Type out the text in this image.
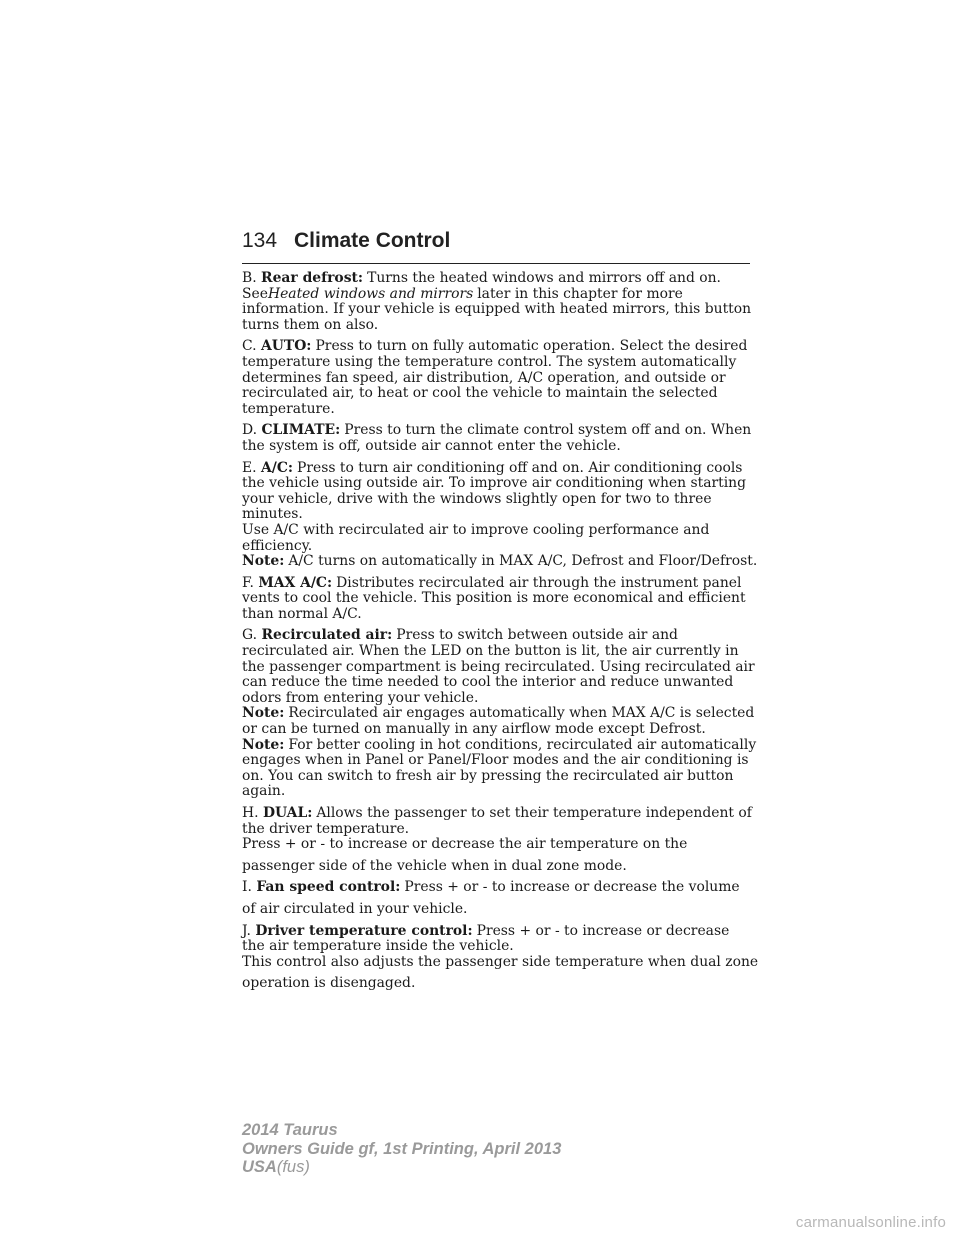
134 Climate Control
B. Rear defrost: Turns the heated windows and mirrors off and on.
SeeHeated windows and mirrors later in this chapter for more
information. If your vehicle is equipped with heated mirrors, this button
turns them on also.
C. AUTO: Press to turn on fully automatic operation. Select the desired
temperature using the temperature control. The system automatically
determines fan speed, air distribution, A/C operation, and outside or
recirculated air, to heat or cool the vehicle to maintain the selected
temperature.
D. CLIMATE: Press to turn the climate control system off and on. When
the system is off, outside air cannot enter the vehicle.
E. A/C: Press to turn air conditioning off and on. Air conditioning cools
the vehicle using outside air. To improve air conditioning when starting
your vehicle, drive with the windows slightly open for two to three
minutes.
Use A/C with recirculated air to improve cooling performance and
efficiency.
Note: A/C turns on automatically in MAX A/C, Defrost and Floor/Defrost.
F. MAX A/C: Distributes recirculated air through the instrument panel
vents to cool the vehicle. This position is more economical and efficient
than normal A/C.
G. Recirculated air: Press to switch between outside air and
recirculated air. When the LED on the button is lit, the air currently in
the passenger compartment is being recirculated. Using recirculated air
can reduce the time needed to cool the interior and reduce unwanted
odors from entering your vehicle.
Note: Recirculated air engages automatically when MAX A/C is selected
or can be turned on manually in any airflow mode except Defrost.
Note: For better cooling in hot conditions, recirculated air automatically
engages when in Panel or Panel/Floor modes and the air conditioning is
on. You can switch to fresh air by pressing the recirculated air button
again.
H. DUAL: Allows the passenger to set their temperature independent of
the driver temperature.
Press + or - to increase or decrease the air temperature on the
passenger side of the vehicle when in dual zone mode.
I. Fan speed control: Press + or - to increase or decrease the volume
of air circulated in your vehicle.
J. Driver temperature control: Press + or - to increase or decrease
the air temperature inside the vehicle.
This control also adjusts the passenger side temperature when dual zone
operation is disengaged.
2014 Taurus
Owners Guide gf, 1st Printing, April 2013
USA(fus)
carmanualsonline.info
